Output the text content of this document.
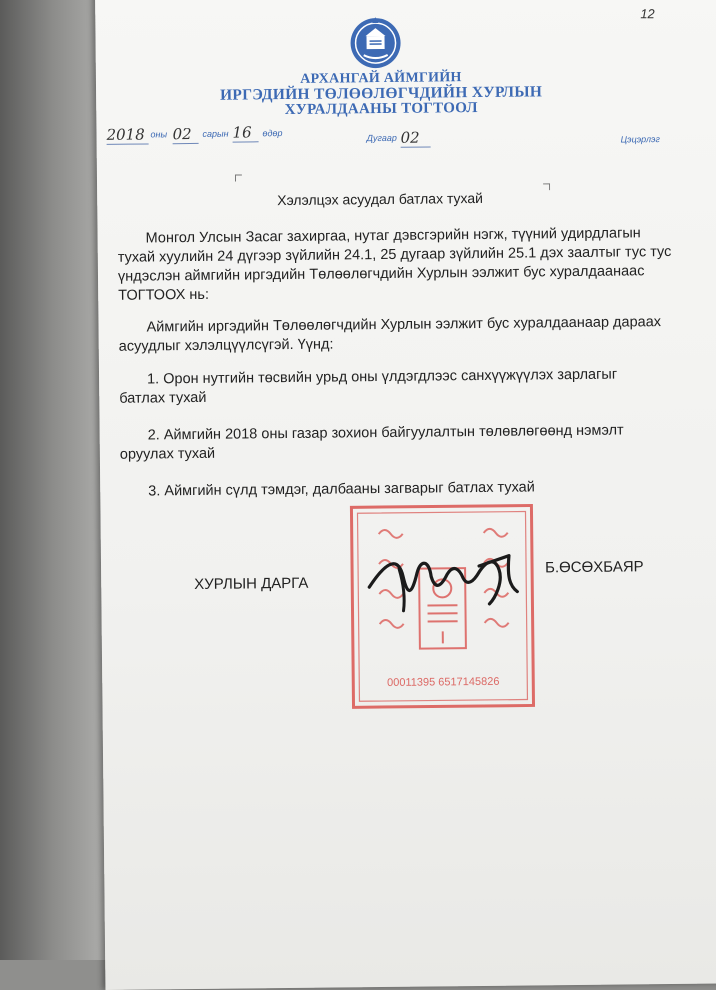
12
АРХАНГАЙ АЙМГИЙН
ИРГЭДИЙН ТӨЛӨӨЛӨГЧДИЙН ХУРЛЫН
ХУРАЛДААНЫ ТОГТООЛ
2018 оны 02	сарын 16	өдөр	Дугаар 02	Цэцэрлэг
Хэлэлцэх асуудал батлах тухай
Монгол Улсын Засаг захиргаа, нутаг дэвсгэрийн нэгж, түүний удирдлагын
тухай хуулийн 24 дүгээр зүйлийн 24.1, 25 дугаар зүйлийн 25.1 дэх заалтыг тус тус
үндэслэн аймгийн иргэдийн Төлөөлөгчдийн Хурлын ээлжит бус хуралдаанаас
ТОГТООХ нь:
Аймгийн иргэдийн Төлөөлөгчдийн Хурлын ээлжит бус хуралдаанаар дараах
асуудлыг хэлэлцүүлсүгэй. Үүнд:
1. Орон нутгийн төсвийн урьд оны үлдэгдлээс санхүүжүүлэх зарлагыг
батлах тухай
2. Аймгийн 2018 оны газар зохион байгуулалтын төлөвлөгөөнд нэмэлт
оруулах тухай
3. Аймгийн сүлд тэмдэг, далбааны загварыг батлах тухай
ХУРЛЫН ДАРГА
Б.ӨСӨХБАЯР
00011395 6517145826
